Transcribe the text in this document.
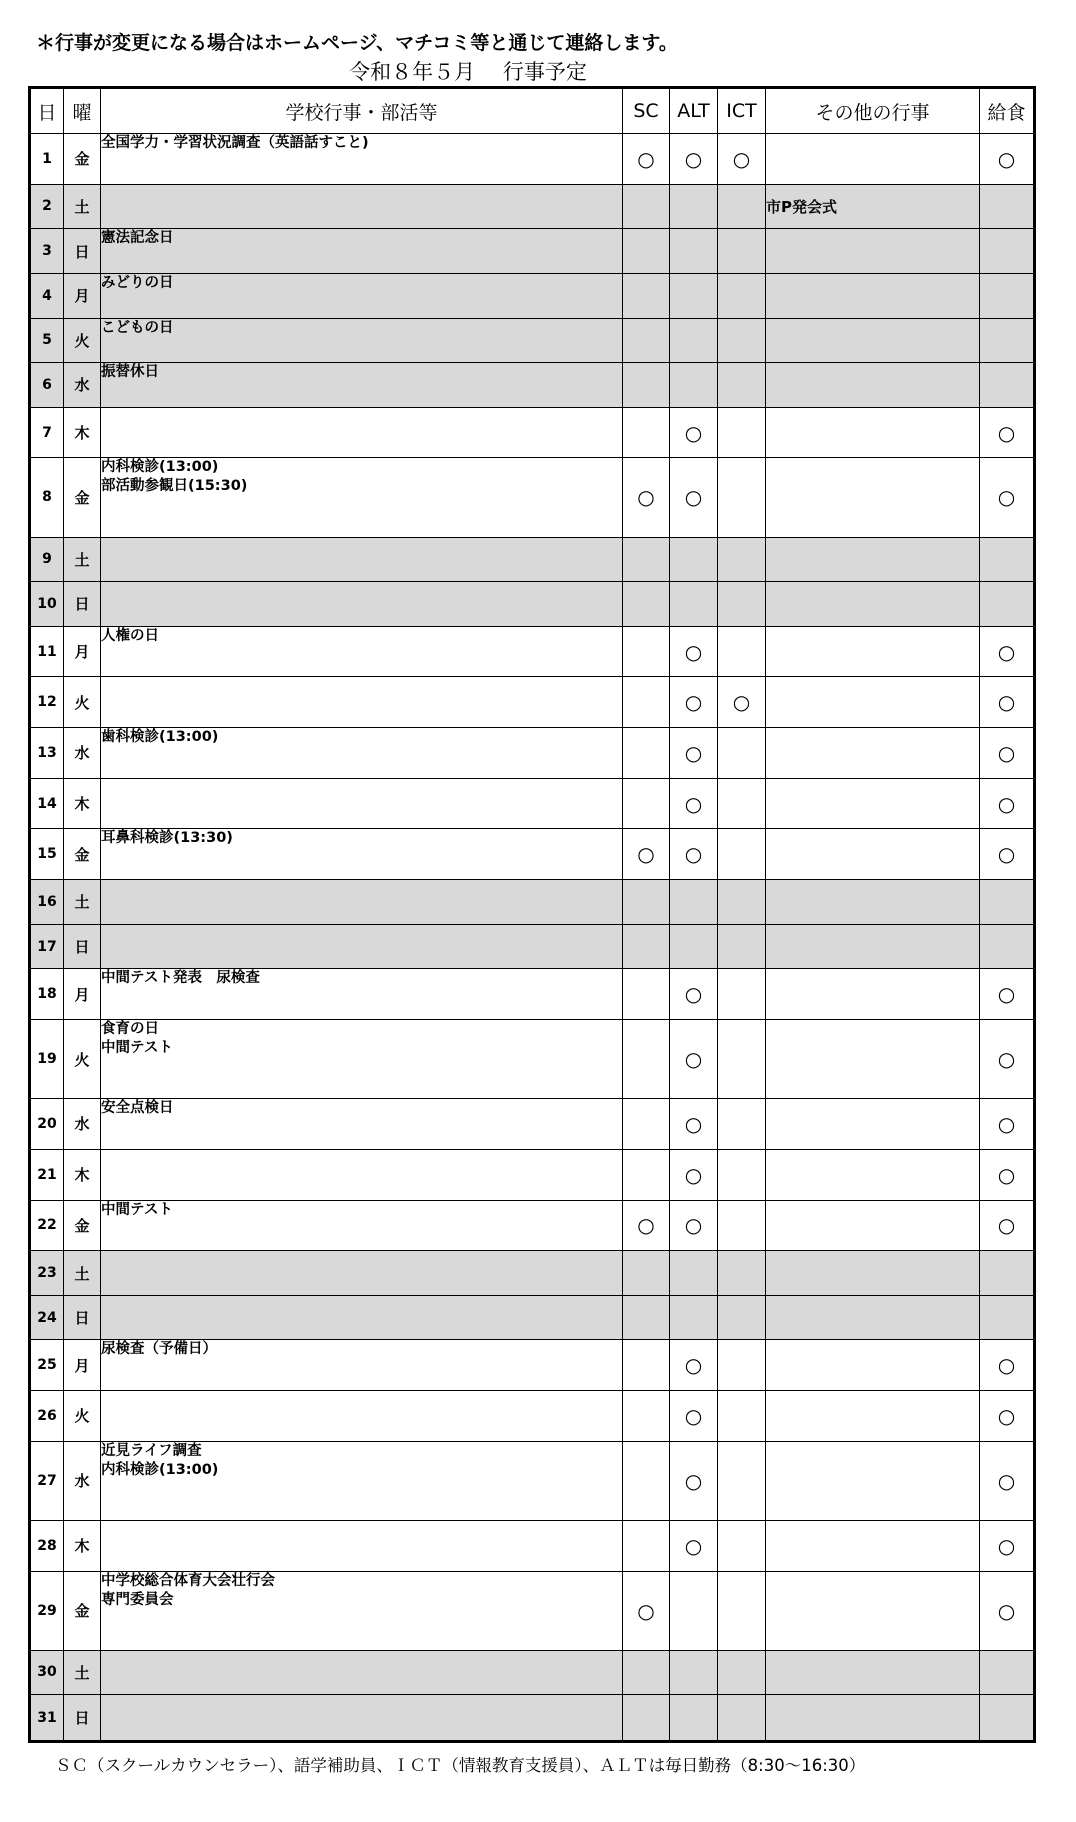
＊行事が変更になる場合はホームページ、マチコミ等と通じて連絡します。
令和８年５月　 行事予定
日	曜	学校行事・部活等	SC	ALT	ICT	その他の行事	給食
1	金	全国学力・学習状況調査（英語話すこと)	○	○	○		○
2	土					市P発会式	
3	日	憲法記念日					

4	月	みどりの日					

5	火	こどもの日					

6	水	振替休日					

7	木			○			○
8	金	内科検診(13:00)
部活動参観日(15:30)	○	○			○
9	土						
10	日						
11	月	人権の日		○			○
12	火			○	○		○
13	水	歯科検診(13:00)		○			○
14	木			○			○
15	金	耳鼻科検診(13:30)	○	○			○
16	土						
17	日						
18	月	中間テスト発表　尿検査		○			○
19	火	食育の日
中間テスト		○			○
20	水	安全点検日		○			○
21	木			○			○
22	金	中間テスト	○	○			○
23	土						
24	日						
25	月	尿検査（予備日）		○			○
26	火			○			○
27	水	近見ライフ調査
内科検診(13:00)		○			○
28	木			○			○
29	金	中学校総合体育大会壮行会
専門委員会	○				○
30	土						
31	日						
ＳＣ（スクールカウンセラー）、語学補助員、ＩＣＴ（情報教育支援員）、ＡＬＴは毎日勤務（8:30〜16:30）
